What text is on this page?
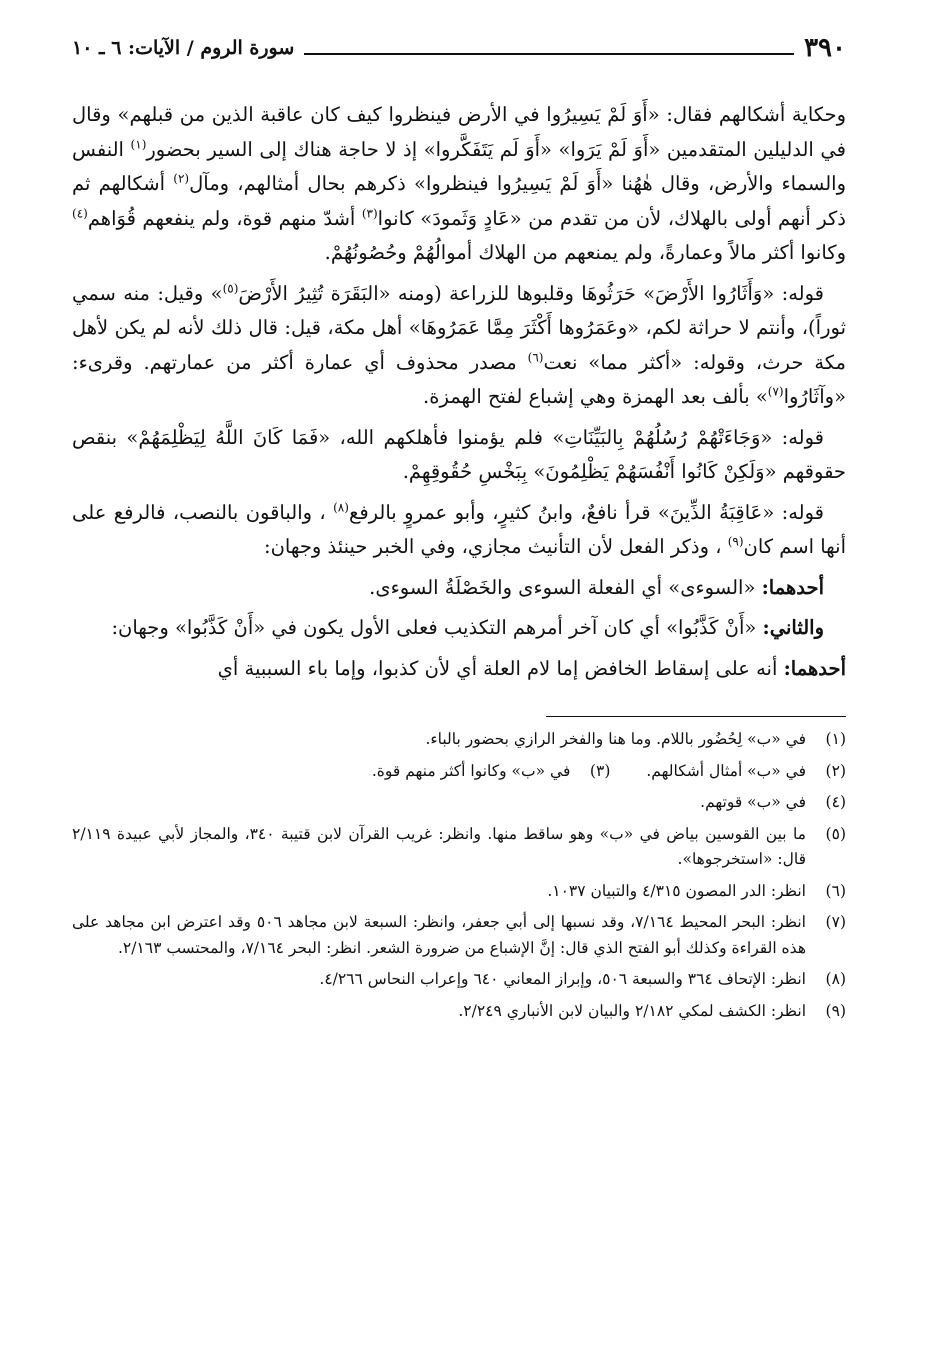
٣٩٠
سورة الروم / الآيات: ٦ ـ ١٠

وحكاية أشكالهم فقال: «أَوَ لَمْ يَسِيرُوا في الأرض فينظروا كيف كان عاقبة الذين من قبلهم» وقال في الدليلين المتقدمين «أَوَ لَمْ يَرَوا» «أَوَ لَم يَتَفَكَّروا» إذ لا حاجة هناك إلى السير بحضور$^{(١)}$ النفس والسماء والأرض، وقال هٰهُنا «أَوَ لَمْ يَسِيرُوا فينظروا» ذكرهم بحال أمثالهم، ومآل$^{(٢)}$ أشكالهم ثم ذكر أنهم أولى بالهلاك، لأن من تقدم من «عَادٍ وَثَمودَ» كانوا$^{(٣)}$ أشدّ منهم قوة، ولم ينفعهم قُوَاهم$^{(٤)}$ وكانوا أكثر مالاً وعمارةً، ولم يمنعهم من الهلاك أموالُهُمْ وحُصُونُهُمْ.

قوله: «وَأَثَارُوا الأَرْضَ» حَرَثُوهَا وقلبوها للزراعة (ومنه «البَقَرَة تُثِيرُ الأَرْضَ$^{(٥)}$» وقيل: منه سمي ثوراً)، وأنتم لا حراثة لكم، «وعَمَرُوها أَكْثَرَ مِمَّا عَمَرُوهَا» أهل مكة، قيل: قال ذلك لأنه لم يكن لأهل مكة حرث، وقوله: «أكثر مما» نعت$^{(٦)}$ مصدر محذوف أي عمارة أكثر من عمارتهم. وقرىء: «وآثَارُوا$^{(٧)}$» بألف بعد الهمزة وهي إشباع لفتح الهمزة.

قوله: «وَجَاءَتْهُمْ رُسُلُهُمْ بِالبَيِّنَاتِ» فلم يؤمنوا فأهلكهم الله، «فَمَا كَانَ اللَّهُ لِيَظْلِمَهُمْ» بنقص حقوقهم «وَلَكِنْ كَانُوا أَنْفُسَهُمْ يَظْلِمُونَ» بِبَخْسِ حُقُوقِهِمْ.

قوله: «عَاقِبَةُ الذِّينَ» قرأ نافعٌ، وابنُ كثيرٍ، وأبو عمروٍ بالرفع$^{(٨)}$ ، والباقون بالنصب، فالرفع على أنها اسم كان$^{(٩)}$ ، وذكر الفعل لأن التأنيث مجازي، وفي الخبر حينئذ وجهان:

أحدهما: «السوءى» أي الفعلة السوءى والخَصْلَةُ السوءى.

والثاني: «أَنْ كَذَّبُوا» أي كان آخر أمرهم التكذيب فعلى الأول يكون في «أَنْ كَذَّبُوا» وجهان:

أحدهما: أنه على إسقاط الخافض إما لام العلة أي لأن كذبوا، وإما باء السببية أي

(١)
في «ب» لِحُضُور باللام. وما هنا والفخر الرازي بحضور بالباء.
(٢)
في «ب» أمثال أشكالهم.
(٣)
في «ب» وكانوا أكثر منهم قوة.
(٤)
في «ب» قوتهم.
(٥)
ما بين القوسين بياض في «ب» وهو ساقط منها. وانظر: غريب القرآن لابن قتيبة ٣٤٠، والمجاز لأبي عبيدة ٢/١١٩ قال: «استخرجوها».
(٦)
انظر: الدر المصون ٤/٣١٥ والتبيان ١٠٣٧.
(٧)
انظر: البحر المحيط ٧/١٦٤، وقد نسبها إلى أبي جعفر، وانظر: السبعة لابن مجاهد ٥٠٦ وقد اعترض ابن مجاهد على هذه القراءة وكذلك أبو الفتح الذي قال: إنَّ الإشباع من ضرورة الشعر. انظر: البحر ٧/١٦٤، والمحتسب ٢/١٦٣.
(٨)
انظر: الإتحاف ٣٦٤ والسبعة ٥٠٦، وإبراز المعاني ٦٤٠ وإعراب النحاس ٤/٢٦٦.
(٩)
انظر: الكشف لمكي ٢/١٨٢ والبيان لابن الأنباري ٢/٢٤٩.
